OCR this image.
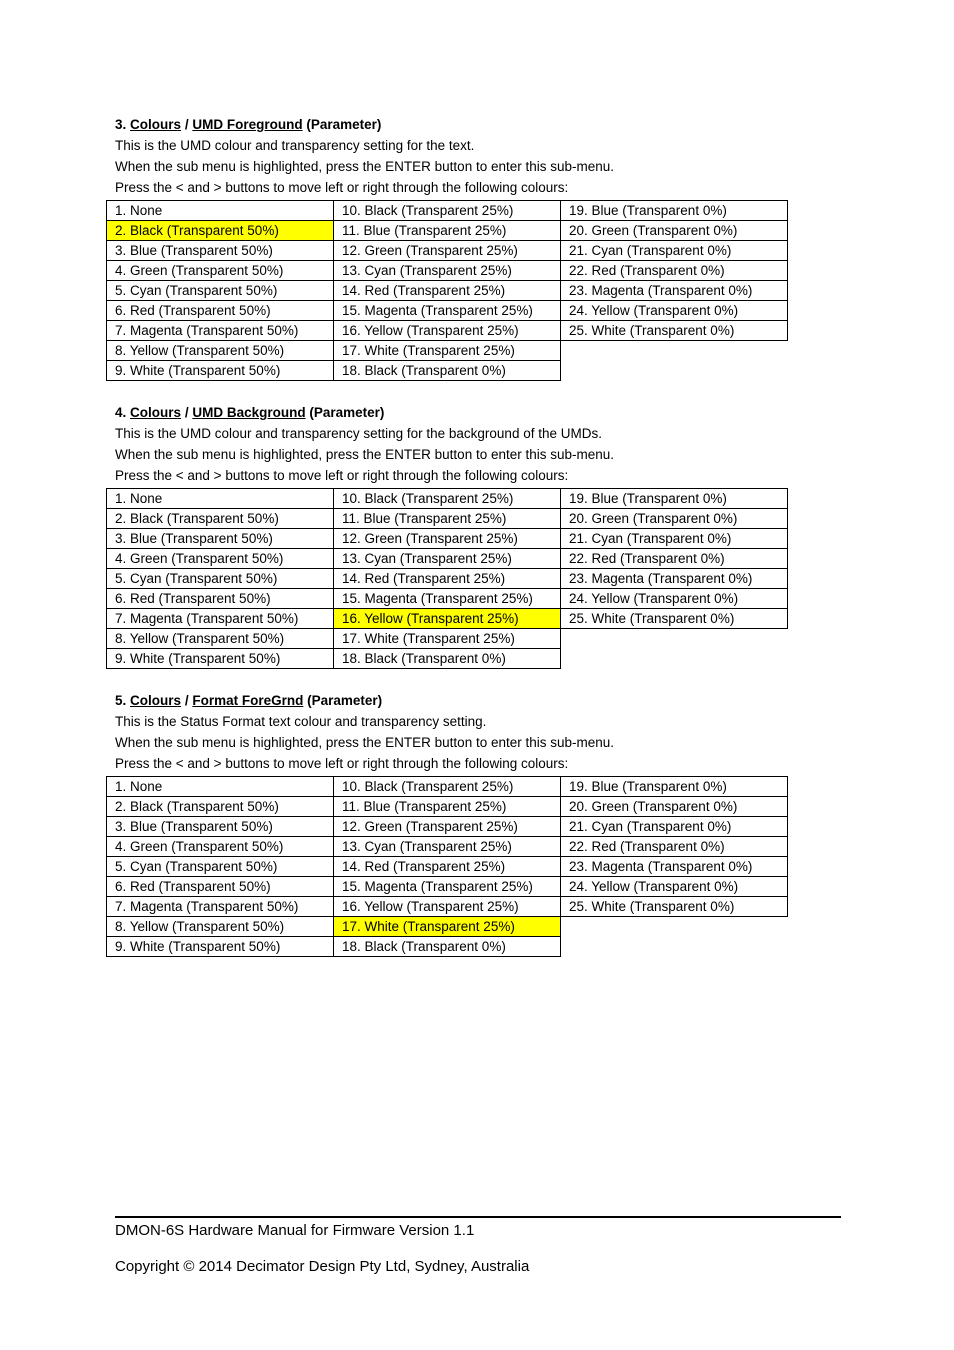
3. Colours / UMD Foreground (Parameter)
This is the UMD colour and transparency setting for the text.
When the sub menu is highlighted, press the ENTER button to enter this sub-menu.
Press the < and > buttons to move left or right through the following colours:
1. None	10. Black (Transparent 25%)	19. Blue (Transparent 0%)
2. Black (Transparent 50%)	11. Blue (Transparent 25%)	20. Green (Transparent 0%)
3. Blue (Transparent 50%)	12. Green (Transparent 25%)	21. Cyan (Transparent 0%)
4. Green (Transparent 50%)	13. Cyan (Transparent 25%)	22. Red (Transparent 0%)
5. Cyan (Transparent 50%)	14. Red (Transparent 25%)	23. Magenta (Transparent 0%)
6. Red (Transparent 50%)	15. Magenta (Transparent 25%)	24. Yellow (Transparent 0%)
7. Magenta (Transparent 50%)	16. Yellow (Transparent 25%)	25. White (Transparent 0%)
8. Yellow (Transparent 50%)	17. White (Transparent 25%)	
9. White (Transparent 50%)	18. Black (Transparent 0%)	
4. Colours / UMD Background (Parameter)
This is the UMD colour and transparency setting for the background of the UMDs.
When the sub menu is highlighted, press the ENTER button to enter this sub-menu.
Press the < and > buttons to move left or right through the following colours:
1. None	10. Black (Transparent 25%)	19. Blue (Transparent 0%)
2. Black (Transparent 50%)	11. Blue (Transparent 25%)	20. Green (Transparent 0%)
3. Blue (Transparent 50%)	12. Green (Transparent 25%)	21. Cyan (Transparent 0%)
4. Green (Transparent 50%)	13. Cyan (Transparent 25%)	22. Red (Transparent 0%)
5. Cyan (Transparent 50%)	14. Red (Transparent 25%)	23. Magenta (Transparent 0%)
6. Red (Transparent 50%)	15. Magenta (Transparent 25%)	24. Yellow (Transparent 0%)
7. Magenta (Transparent 50%)	16. Yellow (Transparent 25%)	25. White (Transparent 0%)
8. Yellow (Transparent 50%)	17. White (Transparent 25%)	
9. White (Transparent 50%)	18. Black (Transparent 0%)	
5. Colours / Format ForeGrnd (Parameter)
This is the Status Format text colour and transparency setting.
When the sub menu is highlighted, press the ENTER button to enter this sub-menu.
Press the < and > buttons to move left or right through the following colours:
1. None	10. Black (Transparent 25%)	19. Blue (Transparent 0%)
2. Black (Transparent 50%)	11. Blue (Transparent 25%)	20. Green (Transparent 0%)
3. Blue (Transparent 50%)	12. Green (Transparent 25%)	21. Cyan (Transparent 0%)
4. Green (Transparent 50%)	13. Cyan (Transparent 25%)	22. Red (Transparent 0%)
5. Cyan (Transparent 50%)	14. Red (Transparent 25%)	23. Magenta (Transparent 0%)
6. Red (Transparent 50%)	15. Magenta (Transparent 25%)	24. Yellow (Transparent 0%)
7. Magenta (Transparent 50%)	16. Yellow (Transparent 25%)	25. White (Transparent 0%)
8. Yellow (Transparent 50%)	17. White (Transparent 25%)	
9. White (Transparent 50%)	18. Black (Transparent 0%)	
DMON-6S Hardware Manual for Firmware Version 1.1
Copyright © 2014 Decimator Design Pty Ltd, Sydney, Australia
